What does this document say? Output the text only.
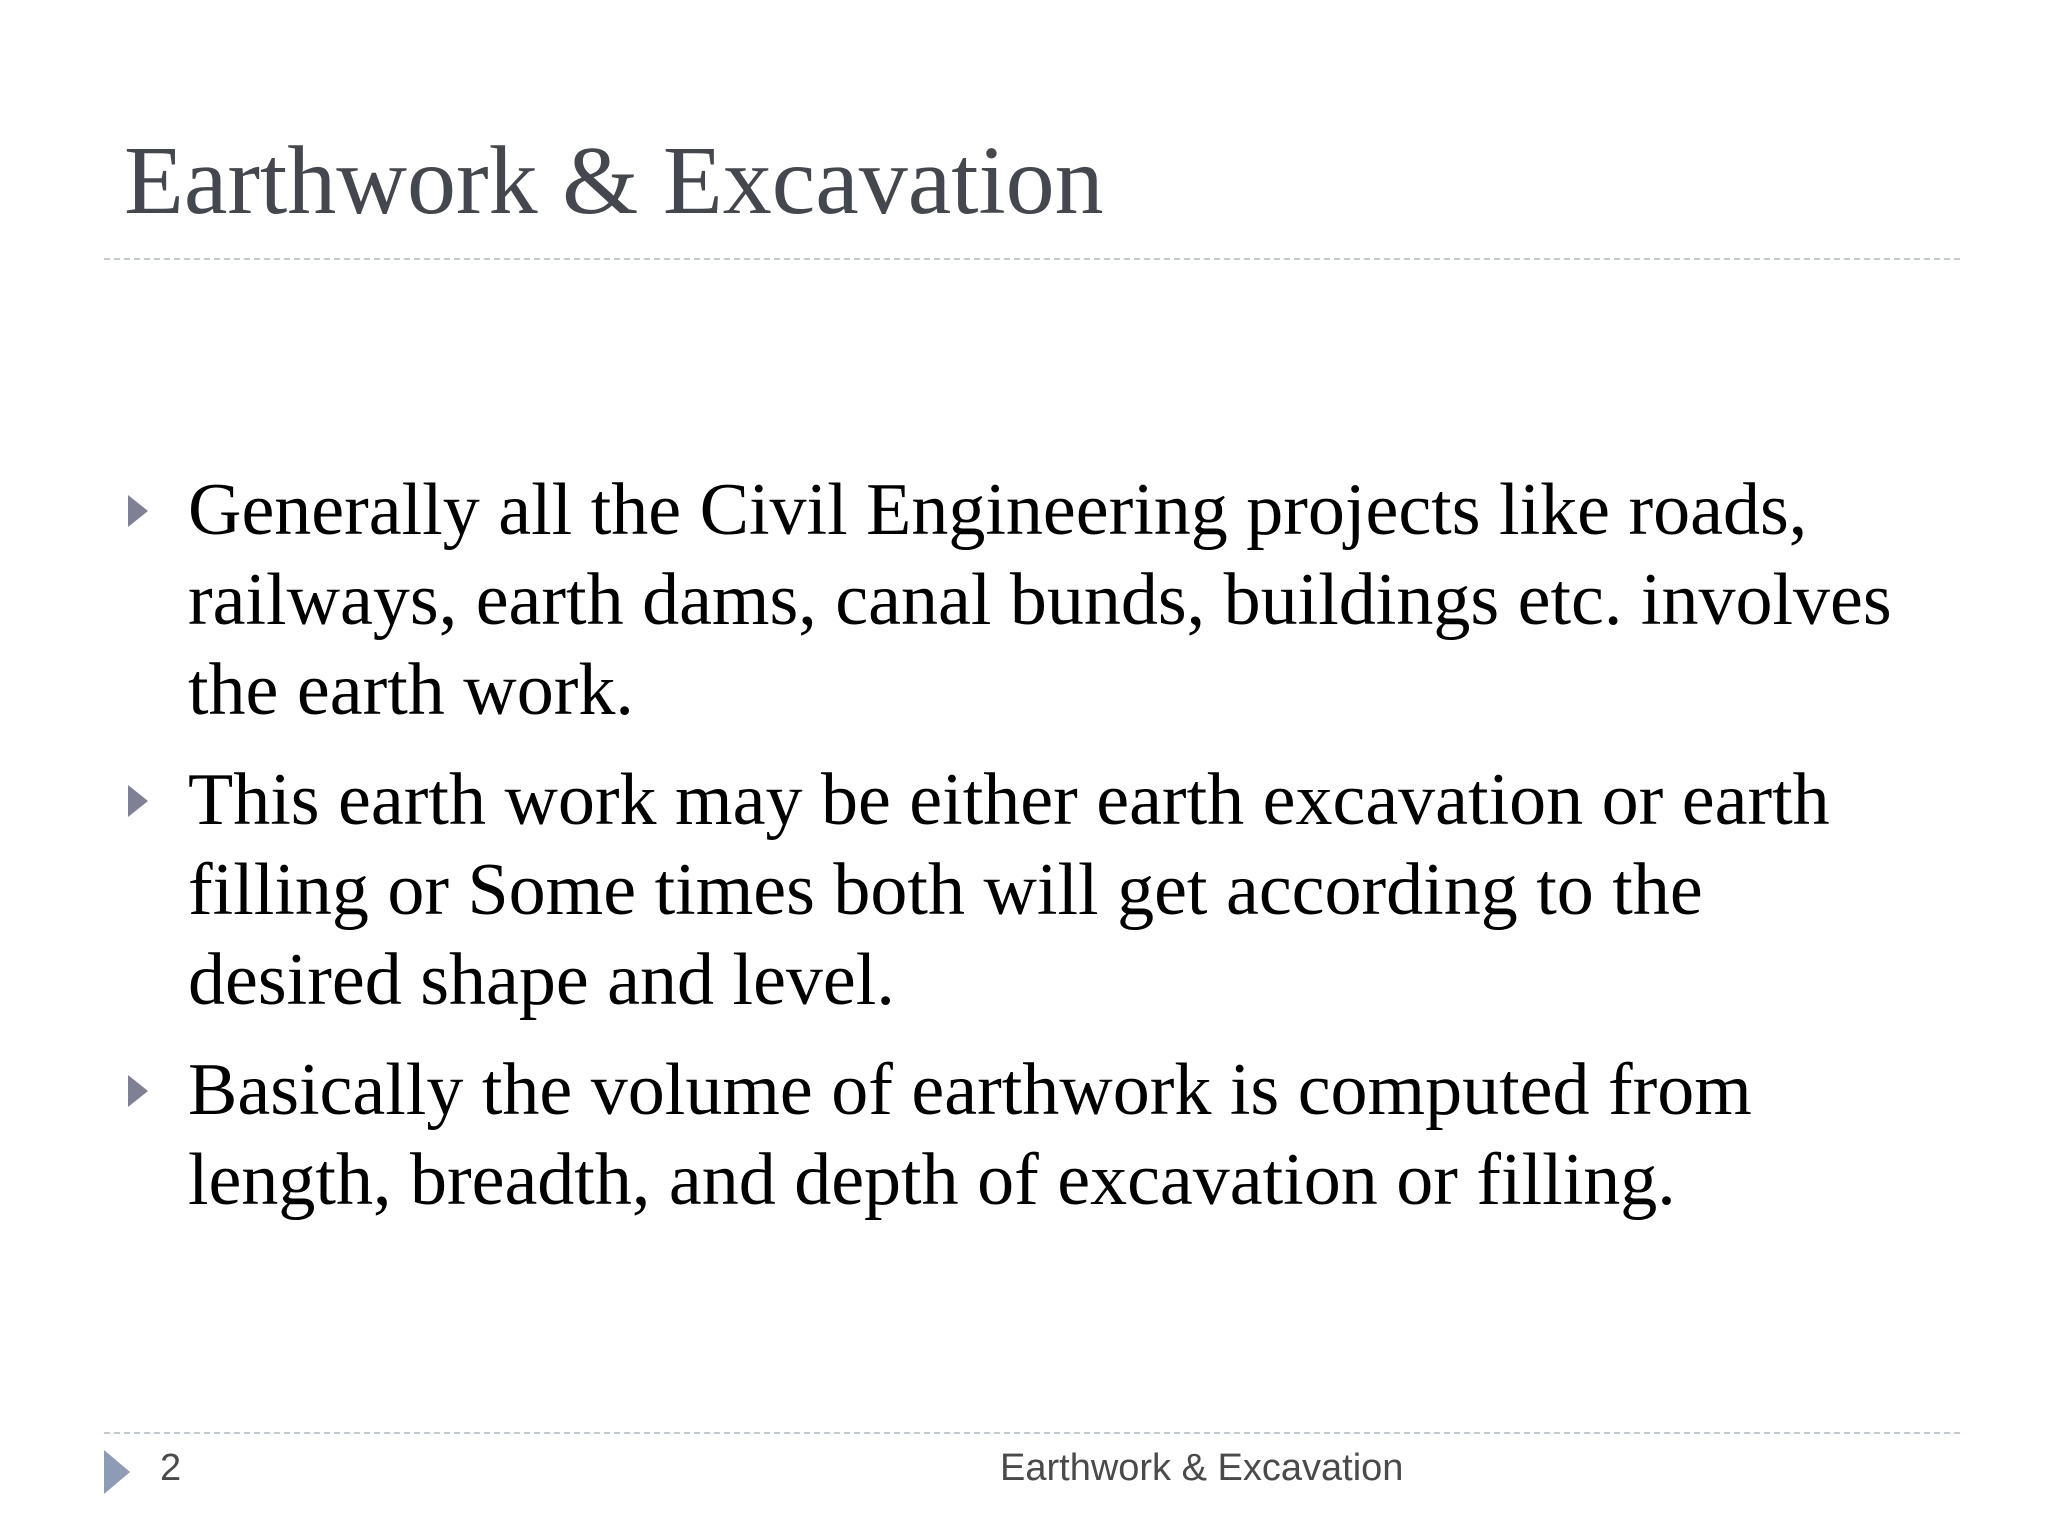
Earthwork & Excavation
Generally all the Civil Engineering projects like roads, railways, earth dams, canal bunds, buildings etc. involves the earth work.
This earth work may be either earth excavation or earth filling or Some times both will get according to the desired shape and level.
Basically the volume of earthwork is computed from length, breadth, and depth of excavation or filling.
2	Earthwork & Excavation
